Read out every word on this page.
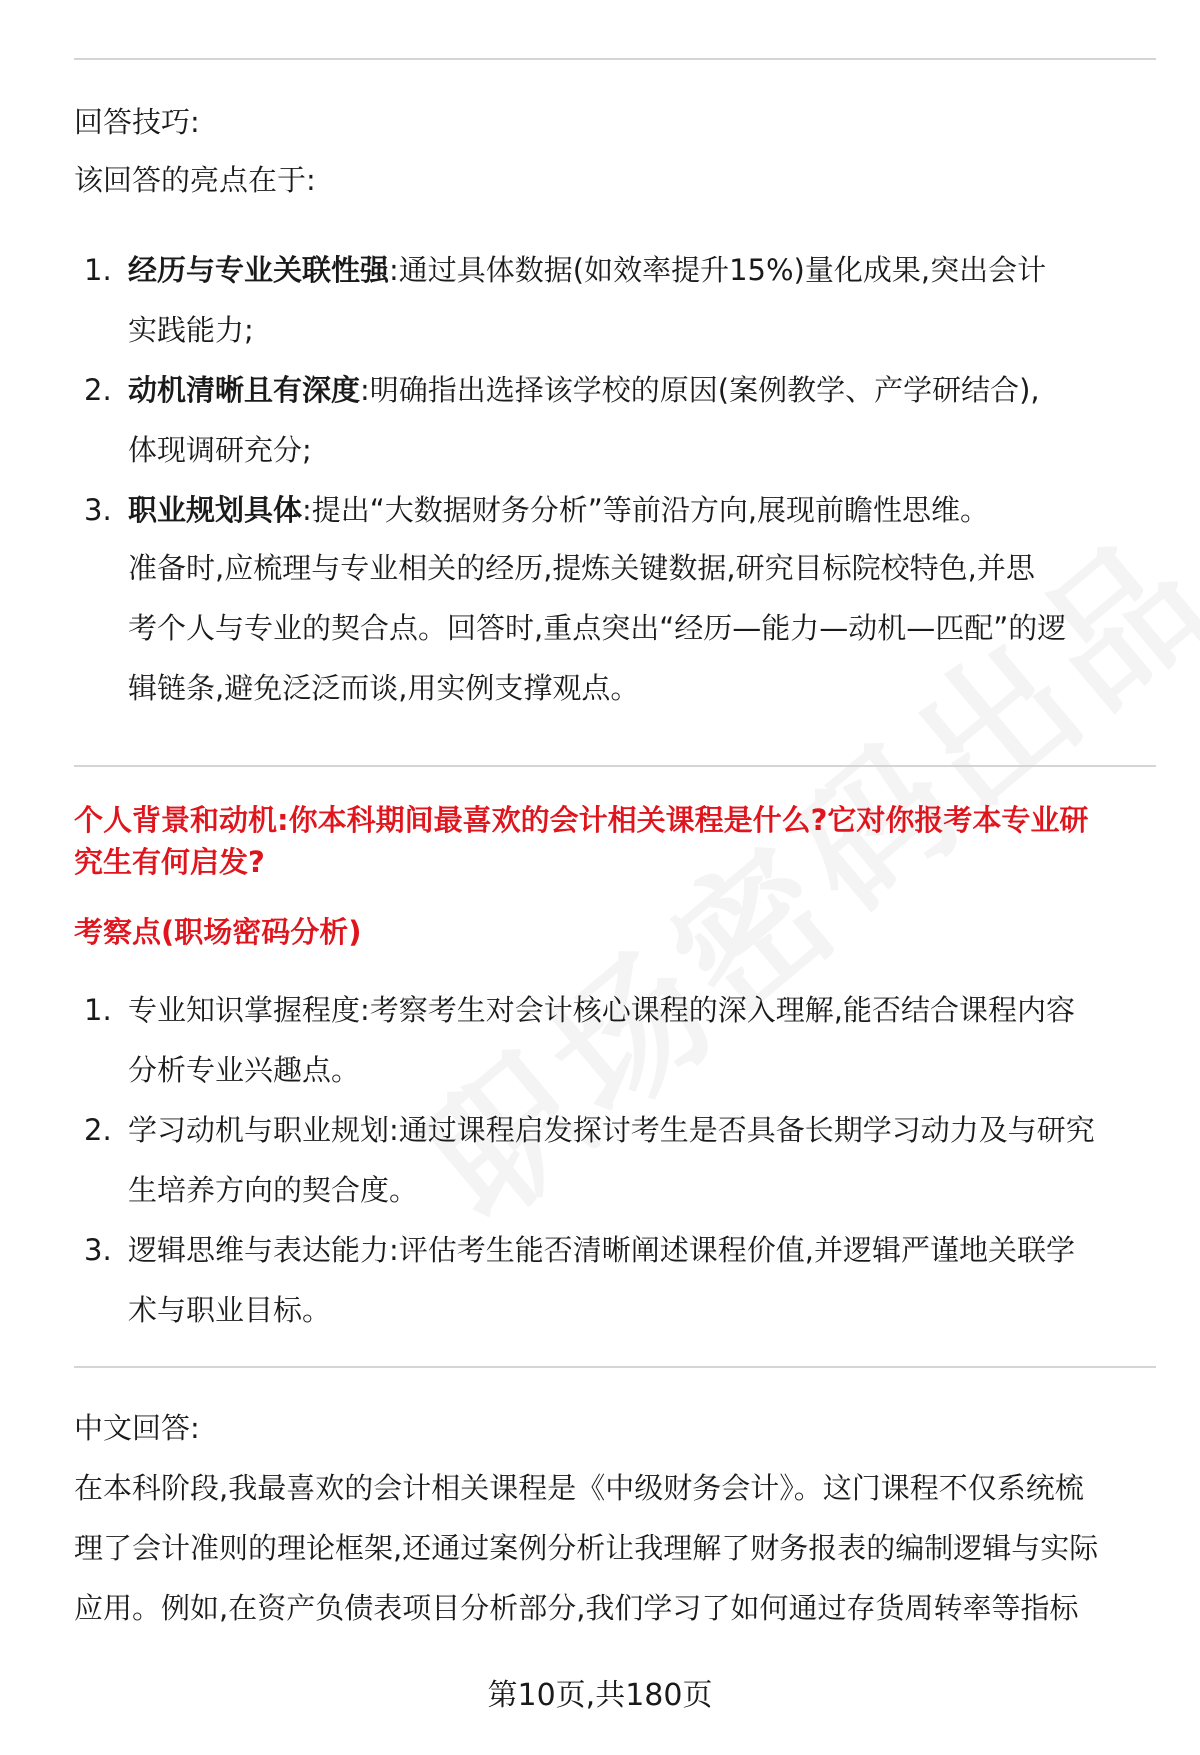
回答技巧:
该回答的亮点在于:
1. 经历与专业关联性强:通过具体数据(如效率提升15%)量化成果,突出会计
实践能力;
2. 动机清晰且有深度:明确指出选择该学校的原因(案例教学、产学研结合),
体现调研充分;
3. 职业规划具体:提出“大数据财务分析”等前沿方向,展现前瞻性思维。
准备时,应梳理与专业相关的经历,提炼关键数据,研究目标院校特色,并思
考个人与专业的契合点。回答时,重点突出“经历—能力—动机—匹配”的逻
辑链条,避免泛泛而谈,用实例支撑观点。
个人背景和动机:你本科期间最喜欢的会计相关课程是什么?它对你报考本专业研
究生有何启发?
考察点(职场密码分析)
1. 专业知识掌握程度:考察考生对会计核心课程的深入理解,能否结合课程内容
分析专业兴趣点。
2. 学习动机与职业规划:通过课程启发探讨考生是否具备长期学习动力及与研究
生培养方向的契合度。
3. 逻辑思维与表达能力:评估考生能否清晰阐述课程价值,并逻辑严谨地关联学
术与职业目标。
中文回答:
在本科阶段,我最喜欢的会计相关课程是《中级财务会计》。这门课程不仅系统梳
理了会计准则的理论框架,还通过案例分析让我理解了财务报表的编制逻辑与实际
应用。例如,在资产负债表项目分析部分,我们学习了如何通过存货周转率等指标
第10页,共180页
